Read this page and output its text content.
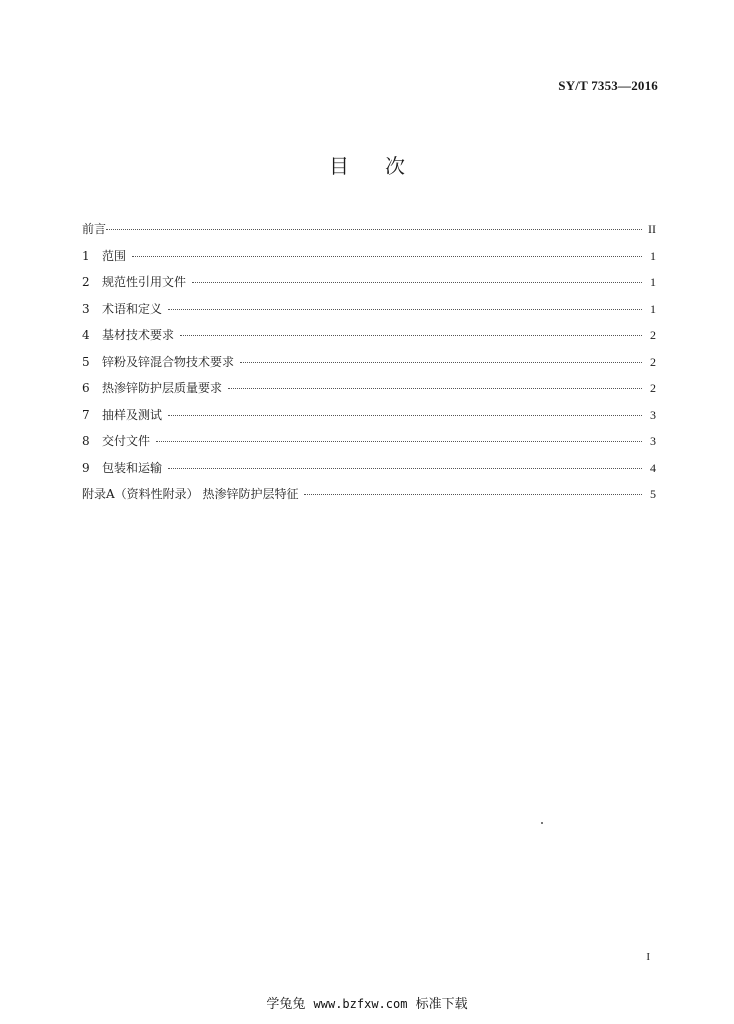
SY/T 7353—2016
目 次
前言	II
1	范围	1
2	规范性引用文件	1
3	术语和定义	1
4	基材技术要求	2
5	锌粉及锌混合物技术要求	2
6	热渗锌防护层质量要求	2
7	抽样及测试	3
8	交付文件	3
9	包装和运输	4
附录A（资料性附录） 热渗锌防护层特征	5
I
学兔兔 www.bzfxw.com 标准下载
